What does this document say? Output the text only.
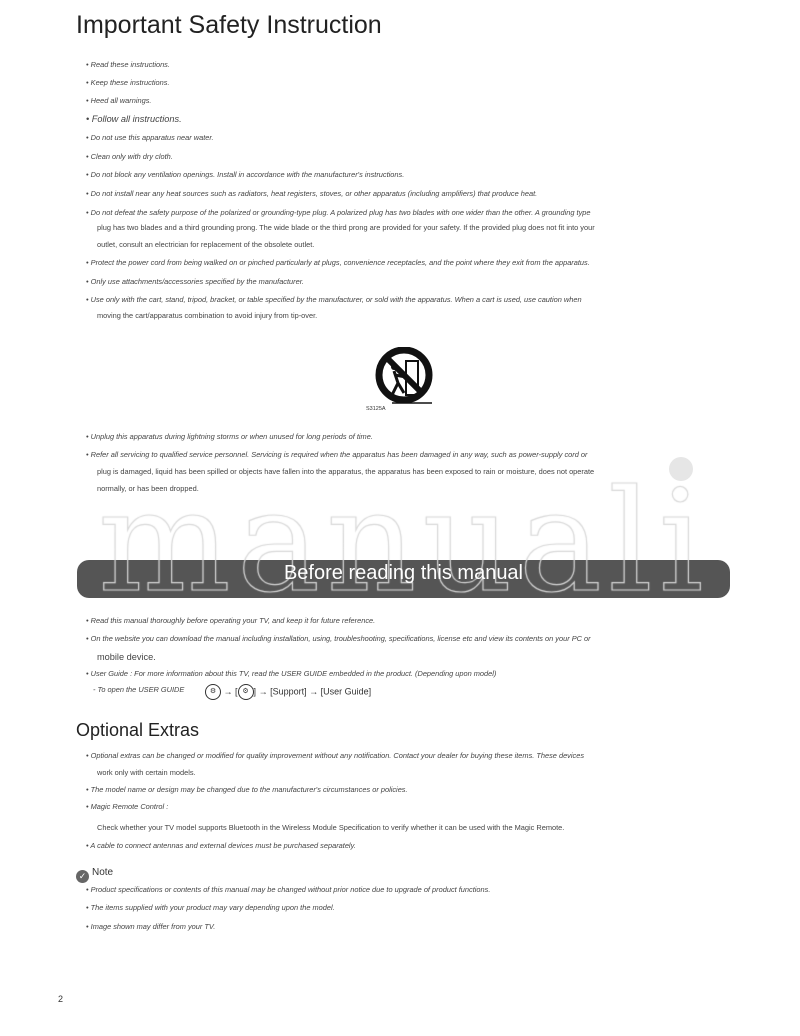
Important Safety Instruction
• Read these instructions.
• Keep these instructions.
• Heed all warnings.
• Follow all instructions.
• Do not use this apparatus near water.
• Clean only with dry cloth.
• Do not block any ventilation openings. Install in accordance with the manufacturer's instructions.
• Do not install near any heat sources such as radiators, heat registers, stoves, or other apparatus (including amplifiers) that produce heat.
• Do not defeat the safety purpose of the polarized or grounding-type plug. A polarized plug has two blades with one wider than the other. A grounding type
plug has two blades and a third grounding prong. The wide blade or the third prong are provided for your safety. If the provided plug does not fit into your
outlet, consult an electrician for replacement of the obsolete outlet.
• Protect the power cord from being walked on or pinched particularly at plugs, convenience receptacles, and the point where they exit from the apparatus.
• Only use attachments/accessories specified by the manufacturer.
• Use only with the cart, stand, tripod, bracket, or table specified by the manufacturer, or sold with the apparatus. When a cart is used, use caution when
moving the cart/apparatus combination to avoid injury from tip-over.
S3125A
• Unplug this apparatus during lightning storms or when unused for long periods of time.
• Refer all servicing to qualified service personnel. Servicing is required when the apparatus has been damaged in any way, such as power-supply cord or
plug is damaged, liquid has been spilled or objects have fallen into the apparatus, the apparatus has been exposed to rain or moisture, does not operate
normally, or has been dropped.
Before reading this manual
• Read this manual thoroughly before operating your TV, and keep it for future reference.
• On the website you can download the manual including installation, using, troubleshooting, specifications, license etc and view its contents on your PC or
mobile device.
• User Guide : For more information about this TV, read the USER GUIDE embedded in the product. (Depending upon model)
- To open the USER GUIDE	⚙ → [ ⚙ ] → [Support] → [User Guide]
Optional Extras
• Optional extras can be changed or modified for quality improvement without any notification. Contact your dealer for buying these items. These devices
work only with certain models.
• The model name or design may be changed due to the manufacturer's circumstances or policies.
• Magic Remote Control :
Check whether your TV model supports Bluetooth in the Wireless Module Specification to verify whether it can be used with the Magic Remote.
• A cable to connect antennas and external devices must be purchased separately.
✓ Note
• Product specifications or contents of this manual may be changed without prior notice due to upgrade of product functions.
• The items supplied with your product may vary depending upon the model.
• Image shown may differ from your TV.
2
